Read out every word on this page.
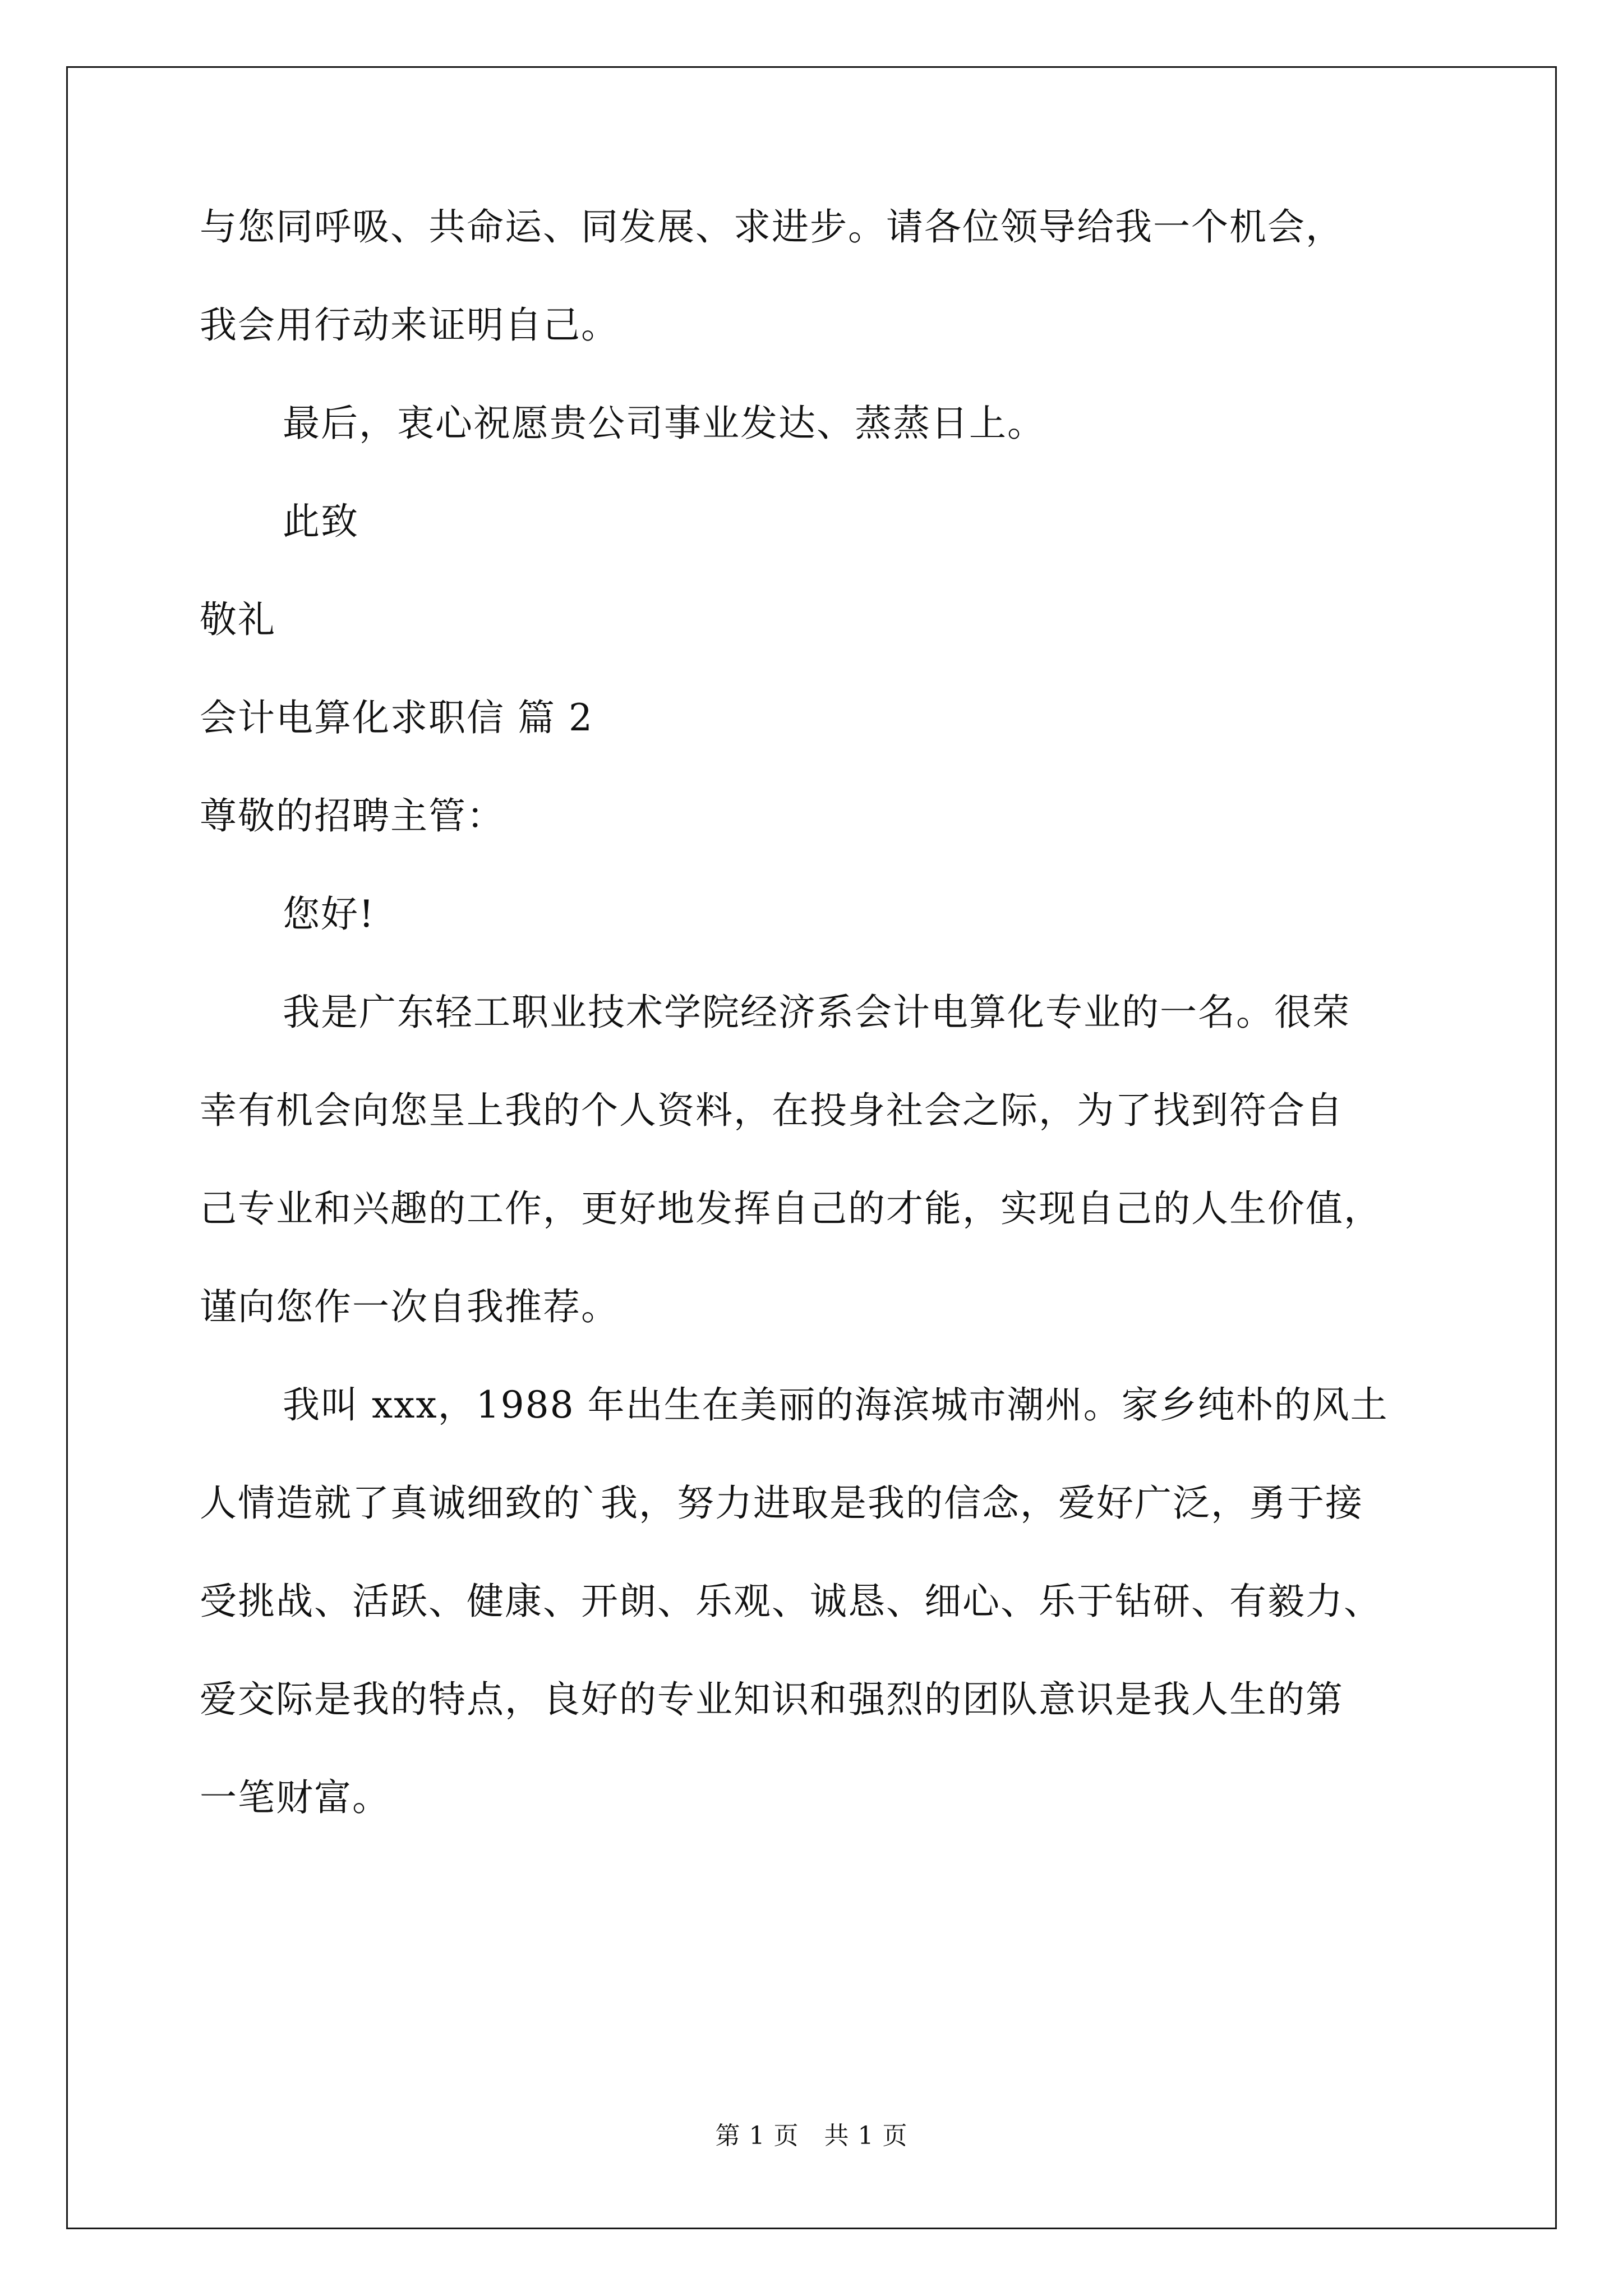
与您同呼吸、共命运、同发展、求进步。请各位领导给我一个机会，
我会用行动来证明自己。
最后，衷心祝愿贵公司事业发达、蒸蒸日上。
此致
敬礼
会计电算化求职信 篇 2
尊敬的招聘主管：
您好!
我是广东轻工职业技术学院经济系会计电算化专业的一名。很荣
幸有机会向您呈上我的个人资料，在投身社会之际，为了找到符合自
己专业和兴趣的工作，更好地发挥自己的才能，实现自己的人生价值，
谨向您作一次自我推荐。
我叫 xxx，1988 年出生在美丽的海滨城市潮州。家乡纯朴的风土
人情造就了真诚细致的`我，努力进取是我的信念，爱好广泛，勇于接
受挑战、活跃、健康、开朗、乐观、诚恳、细心、乐于钻研、有毅力、
爱交际是我的特点，良好的专业知识和强烈的团队意识是我人生的第
一笔财富。
第 1 页　共 1 页
